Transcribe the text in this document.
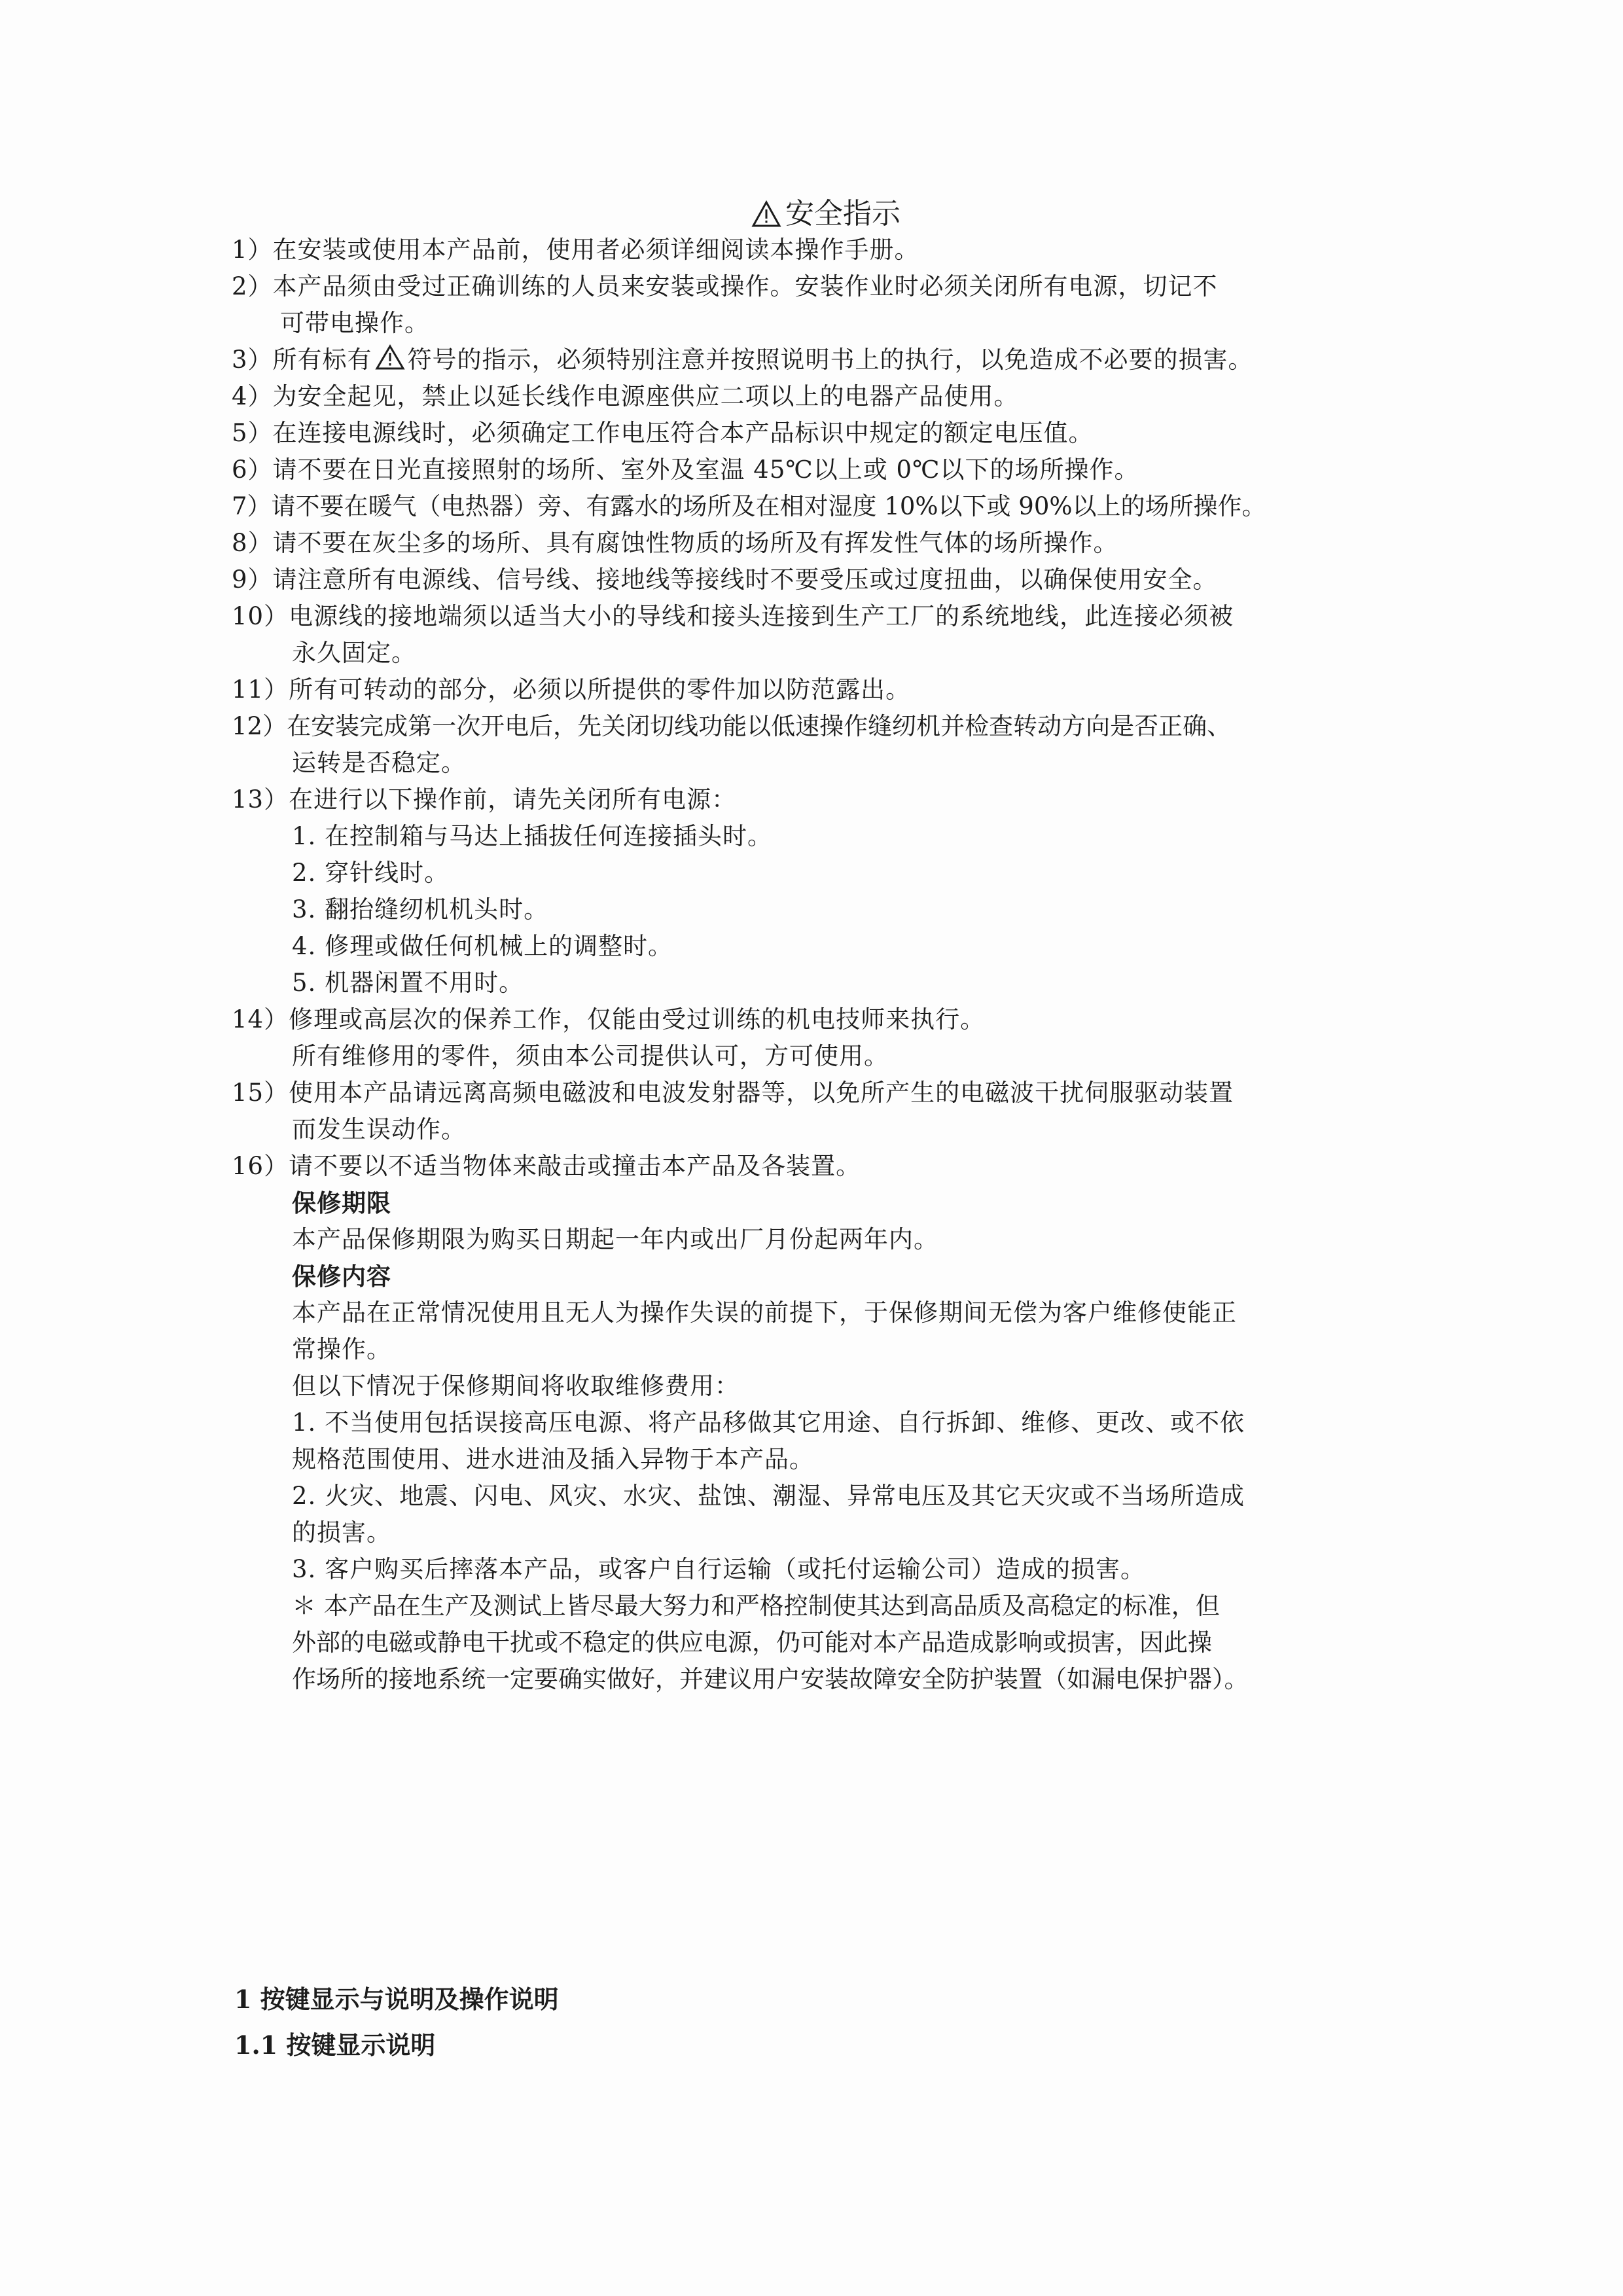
安全指示
1）在安装或使用本产品前，使用者必须详细阅读本操作手册。
2）本产品须由受过正确训练的人员来安装或操作。安装作业时必须关闭所有电源，切记不
可带电操作。
3）所有标有 符号的指示，必须特别注意并按照说明书上的执行，以免造成不必要的损害。
4）为安全起见，禁止以延长线作电源座供应二项以上的电器产品使用。
5）在连接电源线时，必须确定工作电压符合本产品标识中规定的额定电压值。
6）请不要在日光直接照射的场所、室外及室温 45℃以上或 0℃以下的场所操作。
7）请不要在暖气（电热器）旁、有露水的场所及在相对湿度 10%以下或 90%以上的场所操作。
8）请不要在灰尘多的场所、具有腐蚀性物质的场所及有挥发性气体的场所操作。
9）请注意所有电源线、信号线、接地线等接线时不要受压或过度扭曲，以确保使用安全。
10）电源线的接地端须以适当大小的导线和接头连接到生产工厂的系统地线，此连接必须被
永久固定。
11）所有可转动的部分，必须以所提供的零件加以防范露出。
12）在安装完成第一次开电后，先关闭切线功能以低速操作缝纫机并检查转动方向是否正确、
运转是否稳定。
13）在进行以下操作前，请先关闭所有电源：
1. 在控制箱与马达上插拔任何连接插头时。
2. 穿针线时。
3. 翻抬缝纫机机头时。
4. 修理或做任何机械上的调整时。
5. 机器闲置不用时。
14）修理或高层次的保养工作，仅能由受过训练的机电技师来执行。
所有维修用的零件，须由本公司提供认可，方可使用。
15）使用本产品请远离高频电磁波和电波发射器等，以免所产生的电磁波干扰伺服驱动装置
而发生误动作。
16）请不要以不适当物体来敲击或撞击本产品及各装置。
保修期限
本产品保修期限为购买日期起一年内或出厂月份起两年内。
保修内容
本产品在正常情况使用且无人为操作失误的前提下，于保修期间无偿为客户维修使能正
常操作。
但以下情况于保修期间将收取维修费用：
1. 不当使用包括误接高压电源、将产品移做其它用途、自行拆卸、维修、更改、或不依
规格范围使用、进水进油及插入异物于本产品。
2. 火灾、地震、闪电、风灾、水灾、盐蚀、潮湿、异常电压及其它天灾或不当场所造成
的损害。
3. 客户购买后摔落本产品，或客户自行运输（或托付运输公司）造成的损害。
＊ 本产品在生产及测试上皆尽最大努力和严格控制使其达到高品质及高稳定的标准，但
外部的电磁或静电干扰或不稳定的供应电源，仍可能对本产品造成影响或损害，因此操
作场所的接地系统一定要确实做好，并建议用户安装故障安全防护装置（如漏电保护器）。
1 按键显示与说明及操作说明
1.1 按键显示说明
